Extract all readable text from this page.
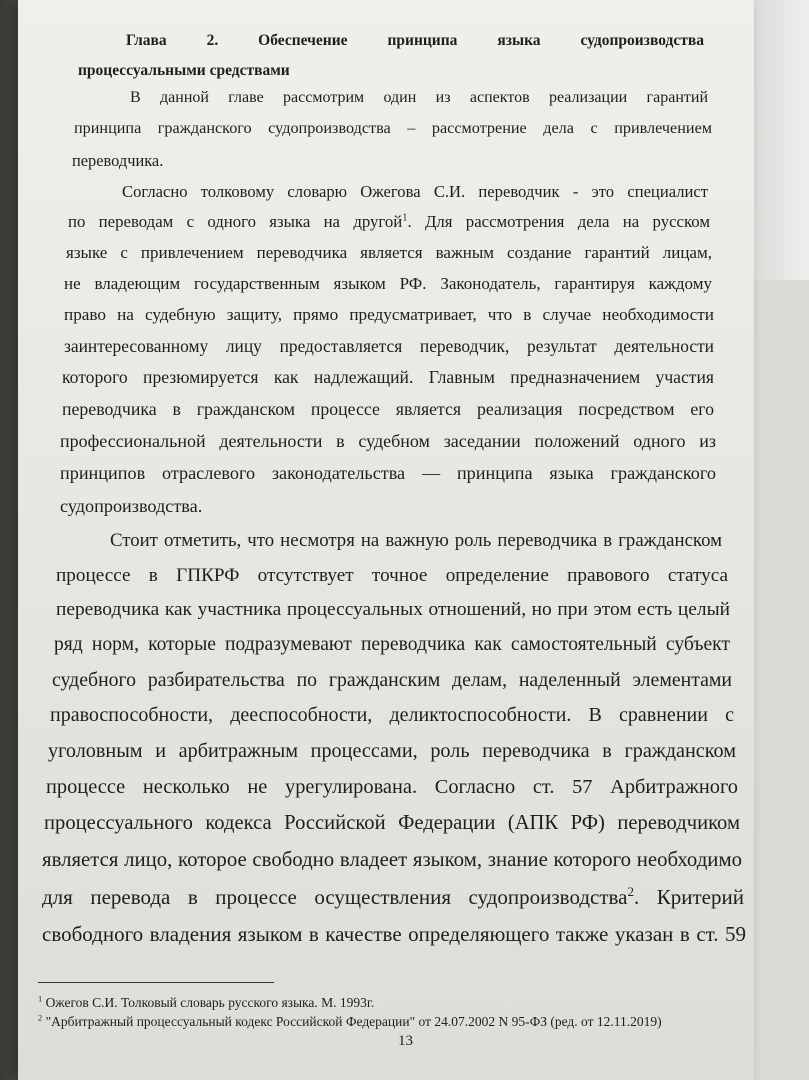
Глава 2. Обеспечение принципа языка судопроизводства

процессуальными средствами

В данной главе рассмотрим один из аспектов реализации гарантий

принципа гражданского судопроизводства – рассмотрение дела с привлечением

переводчика.

Согласно толковому словарю Ожегова С.И. переводчик - это специалист

по переводам с одного языка на другой$^1$. Для рассмотрения дела на русском

языке с привлечением переводчика является важным создание гарантий лицам,

не владеющим государственным языком РФ. Законодатель, гарантируя каждому

право на судебную защиту, прямо предусматривает, что в случае необходимости

заинтересованному лицу предоставляется переводчик, результат деятельности

которого презюмируется как надлежащий. Главным предназначением участия

переводчика в гражданском процессе является реализация посредством его

профессиональной деятельности в судебном заседании положений одного из

принципов отраслевого законодательства — принципа языка гражданского

судопроизводства.

Стоит отметить, что несмотря на важную роль переводчика в гражданском

процессе в ГПКРФ отсутствует точное определение правового статуса

переводчика как участника процессуальных отношений, но при этом есть целый

ряд норм, которые подразумевают переводчика как самостоятельный субъект

судебного разбирательства по гражданским делам, наделенный элементами

правоспособности, дееспособности, деликтоспособности. В сравнении с

уголовным и арбитражным процессами, роль переводчика в гражданском

процессе несколько не урегулирована. Согласно ст. 57 Арбитражного

процессуального кодекса Российской Федерации (АПК РФ) переводчиком

является лицо, которое свободно владеет языком, знание которого необходимо

для перевода в процессе осуществления судопроизводства$^2$. Критерий

свободного владения языком в качестве определяющего также указан в ст. 59

$^1$ Ожегов С.И. Толковый словарь русского языка. М. 1993г.
$^2$ "Арбитражный процессуальный кодекс Российской Федерации" от 24.07.2002 N 95-ФЗ (ред. от 12.11.2019)
13
